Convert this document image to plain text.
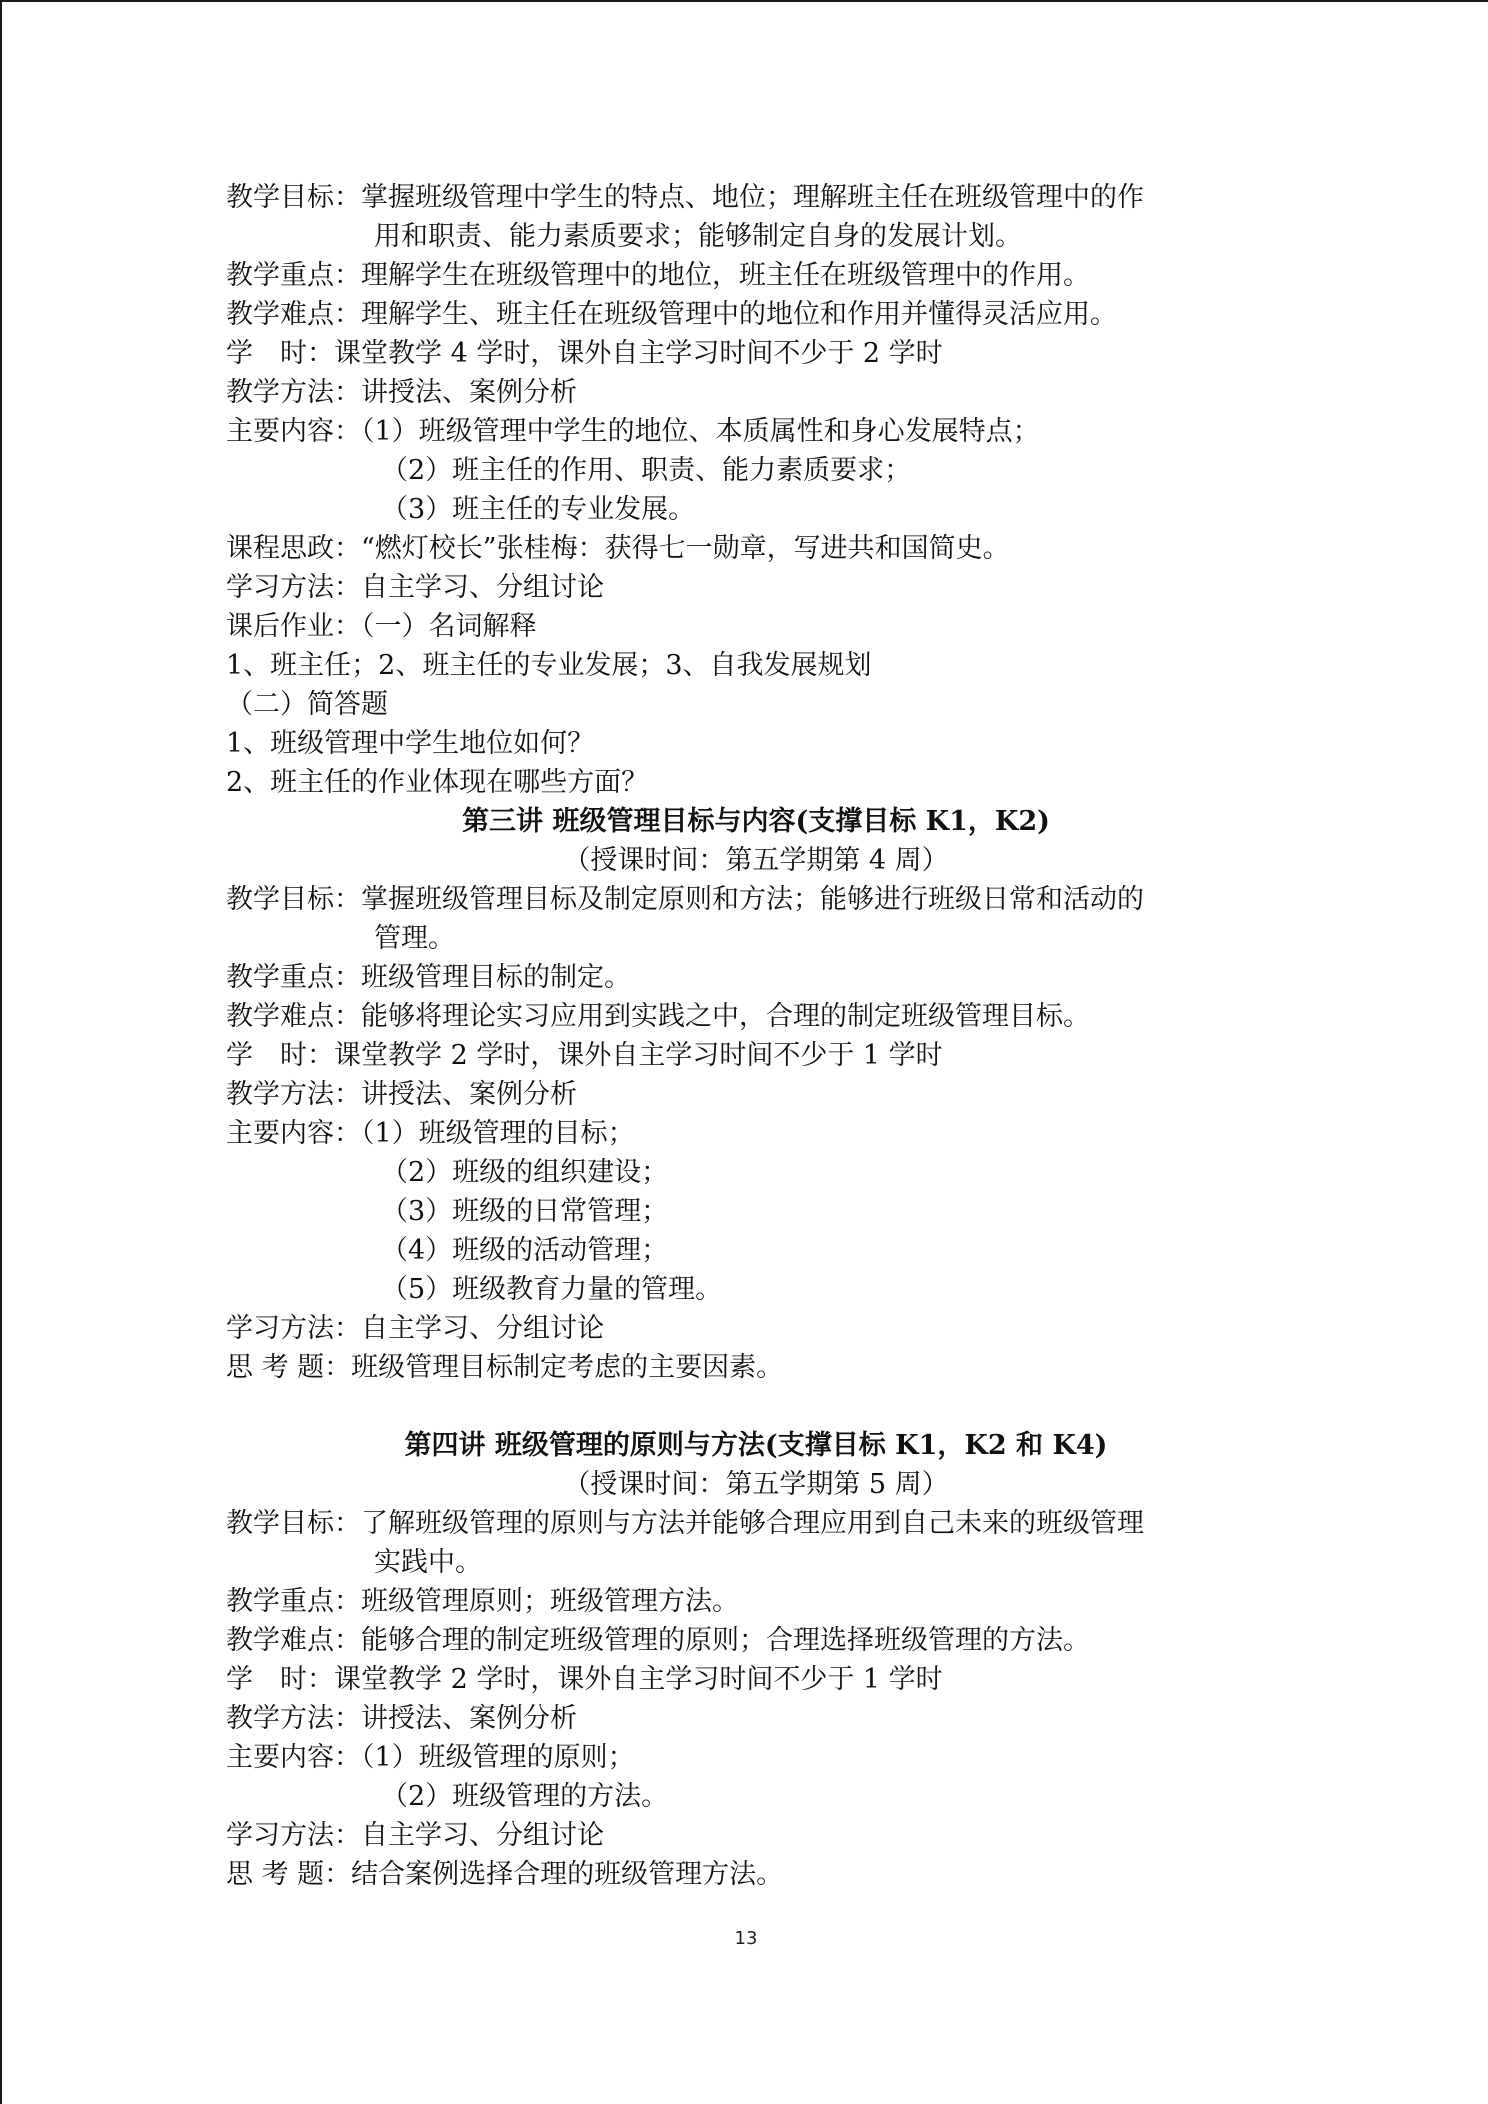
教学目标：掌握班级管理中学生的特点、地位；理解班主任在班级管理中的作
用和职责、能力素质要求；能够制定自身的发展计划。
教学重点：理解学生在班级管理中的地位，班主任在班级管理中的作用。
教学难点：理解学生、班主任在班级管理中的地位和作用并懂得灵活应用。
学　时：课堂教学 4 学时，课外自主学习时间不少于 2 学时
教学方法：讲授法、案例分析
主要内容：（1）班级管理中学生的地位、本质属性和身心发展特点；
（2）班主任的作用、职责、能力素质要求；
（3）班主任的专业发展。
课程思政：“燃灯校长”张桂梅：获得七一勋章，写进共和国简史。
学习方法：自主学习、分组讨论
课后作业：（一）名词解释
1、班主任；2、班主任的专业发展；3、自我发展规划
（二）简答题
1、班级管理中学生地位如何？
2、班主任的作业体现在哪些方面？
第三讲 班级管理目标与内容(支撑目标 K1，K2)
（授课时间：第五学期第 4 周）
教学目标：掌握班级管理目标及制定原则和方法；能够进行班级日常和活动的
管理。
教学重点：班级管理目标的制定。
教学难点：能够将理论实习应用到实践之中，合理的制定班级管理目标。
学　时：课堂教学 2 学时，课外自主学习时间不少于 1 学时
教学方法：讲授法、案例分析
主要内容：（1）班级管理的目标；
（2）班级的组织建设；
（3）班级的日常管理；
（4）班级的活动管理；
（5）班级教育力量的管理。
学习方法：自主学习、分组讨论
思 考 题：班级管理目标制定考虑的主要因素。
第四讲 班级管理的原则与方法(支撑目标 K1，K2 和 K4)
（授课时间：第五学期第 5 周）
教学目标：了解班级管理的原则与方法并能够合理应用到自己未来的班级管理
实践中。
教学重点：班级管理原则；班级管理方法。
教学难点：能够合理的制定班级管理的原则；合理选择班级管理的方法。
学　时：课堂教学 2 学时，课外自主学习时间不少于 1 学时
教学方法：讲授法、案例分析
主要内容：（1）班级管理的原则；
（2）班级管理的方法。
学习方法：自主学习、分组讨论
思 考 题：结合案例选择合理的班级管理方法。
13
